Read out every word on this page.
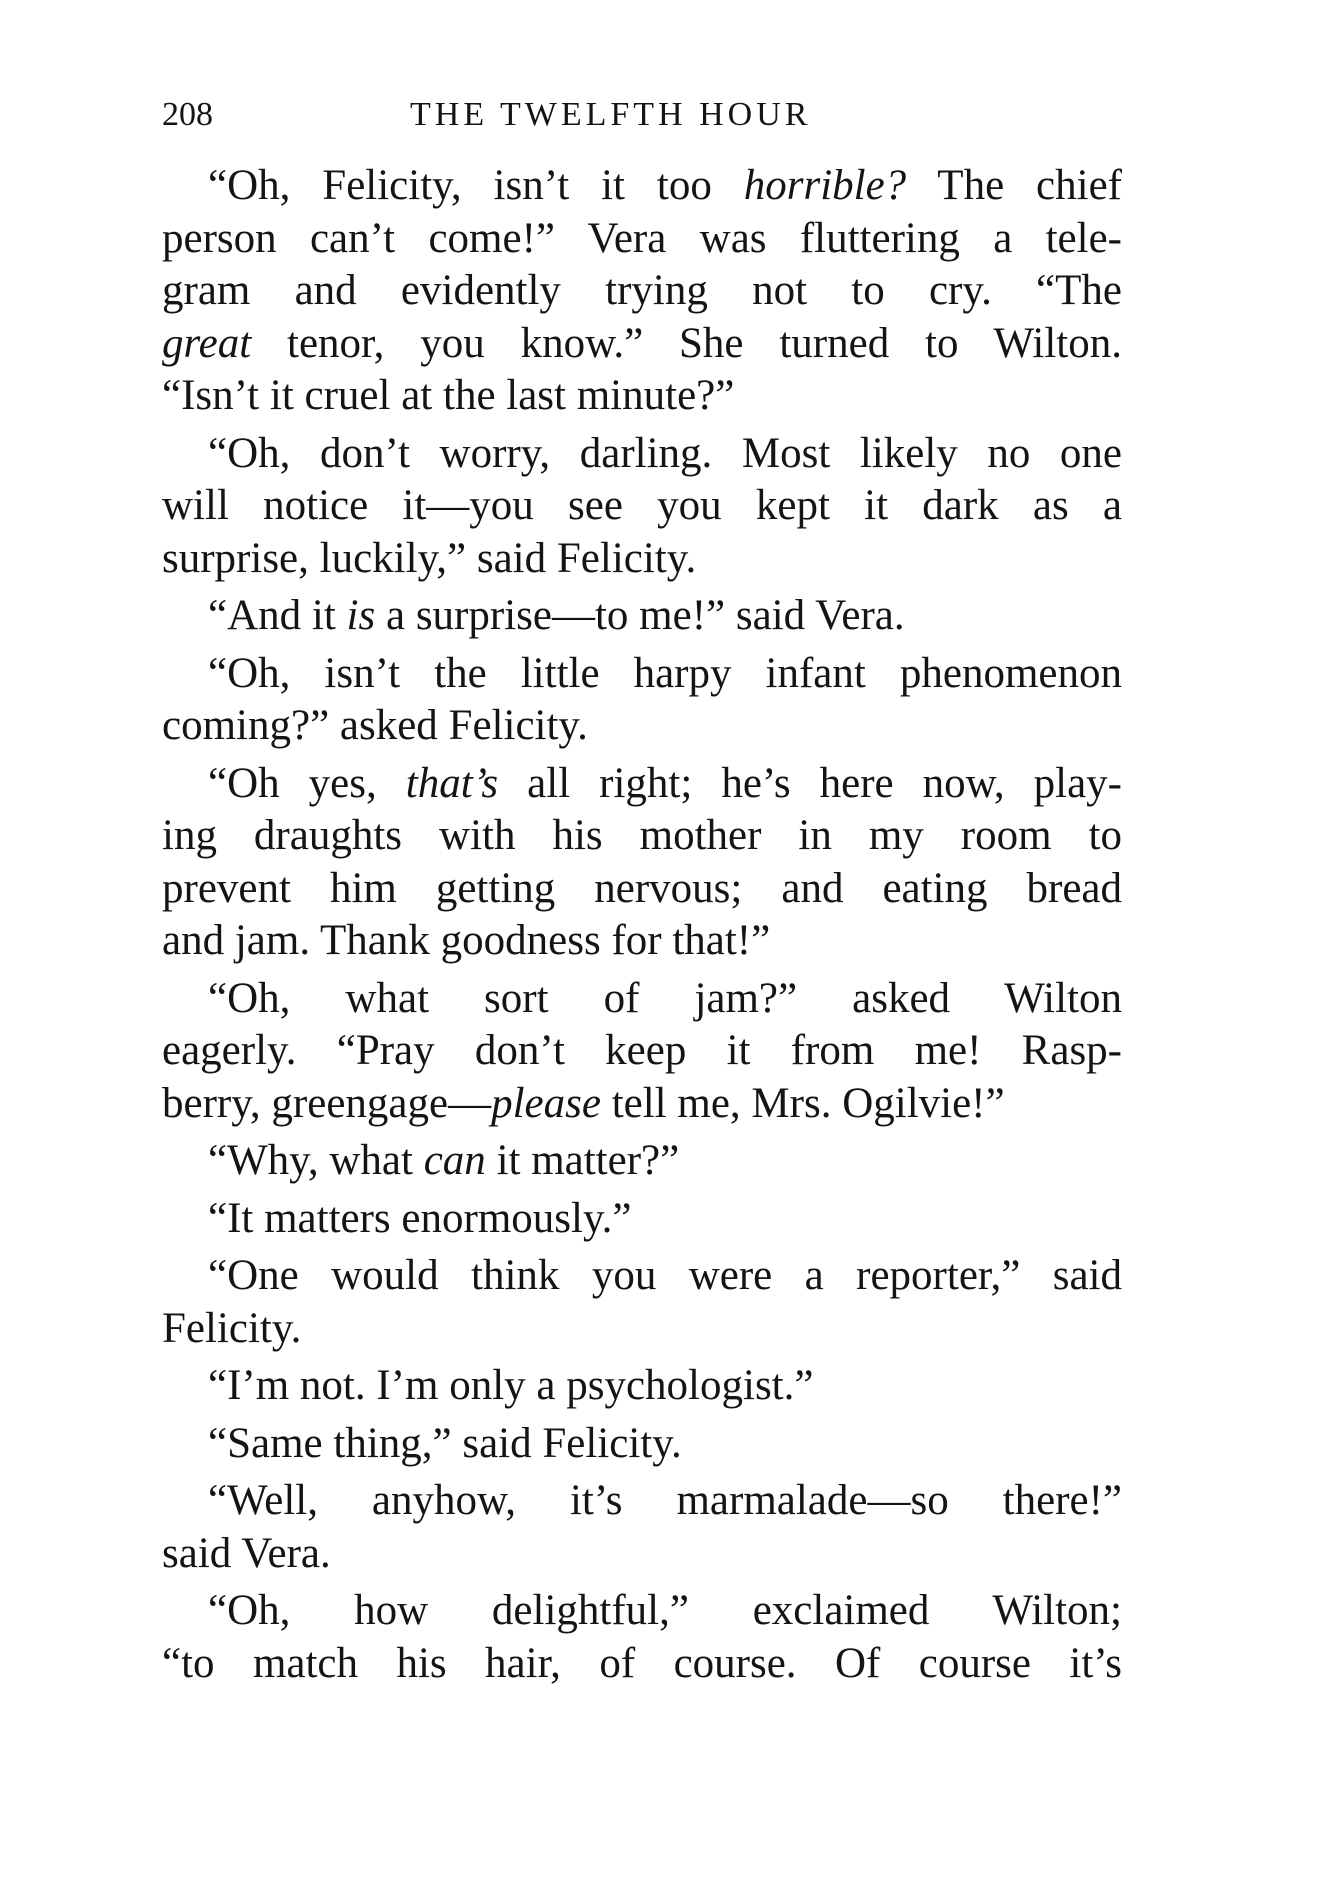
208	THE TWELFTH HOUR
“Oh, Felicity, isn’t it too horrible? The chief
person can’t come!” Vera was fluttering a tele-
gram and evidently trying not to cry. “The
great tenor, you know.” She turned to Wilton.
“Isn’t it cruel at the last minute?”
“Oh, don’t worry, darling. Most likely no one
will notice it—you see you kept it dark as a
surprise, luckily,” said Felicity.
“And it is a surprise—to me!” said Vera.
“Oh, isn’t the little harpy infant phenomenon
coming?” asked Felicity.
“Oh yes, that’s all right; he’s here now, play-
ing draughts with his mother in my room to
prevent him getting nervous; and eating bread
and jam. Thank goodness for that!”
“Oh, what sort of jam?” asked Wilton
eagerly. “Pray don’t keep it from me! Rasp-
berry, greengage—please tell me, Mrs. Ogilvie!”
“Why, what can it matter?”
“It matters enormously.”
“One would think you were a reporter,” said
Felicity.
“I’m not. I’m only a psychologist.”
“Same thing,” said Felicity.
“Well, anyhow, it’s marmalade—so there!”
said Vera.
“Oh, how delightful,” exclaimed Wilton;
“to match his hair, of course. Of course it’s
